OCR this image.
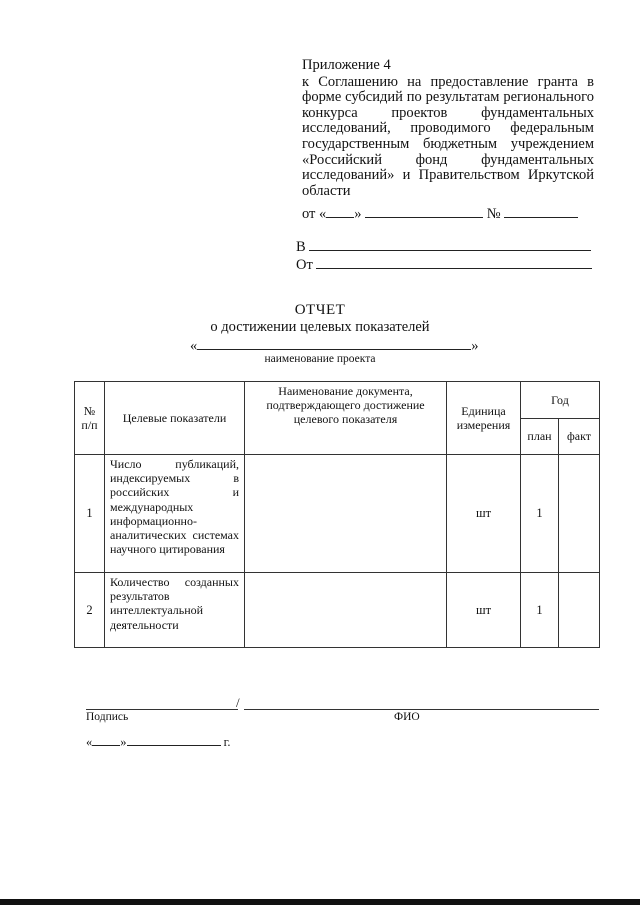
Приложение 4
к Соглашению на предоставление гранта в форме субсидий по результатам регионального конкурса проектов фундаментальных исследований, проводимого федеральным государственным бюджетным учреждением «Российский фонд фундаментальных исследований» и Правительством Иркутской области
от « »	№
В
От
ОТЧЕТ
о достижении целевых показателей
«	»
наименование проекта
№ п/п	Целевые показатели	Наименование документа, подтверждающего достижение целевого показателя	Единица измерения	Год	
				план	факт
1	Число публикаций, индексируемых в российских и международных информационно-аналитических системах научного цитирования		шт	1	
2	Количество созданных результатов интеллектуальной деятельности		шт	1	
/
Подпись	ФИО
« »	г.
